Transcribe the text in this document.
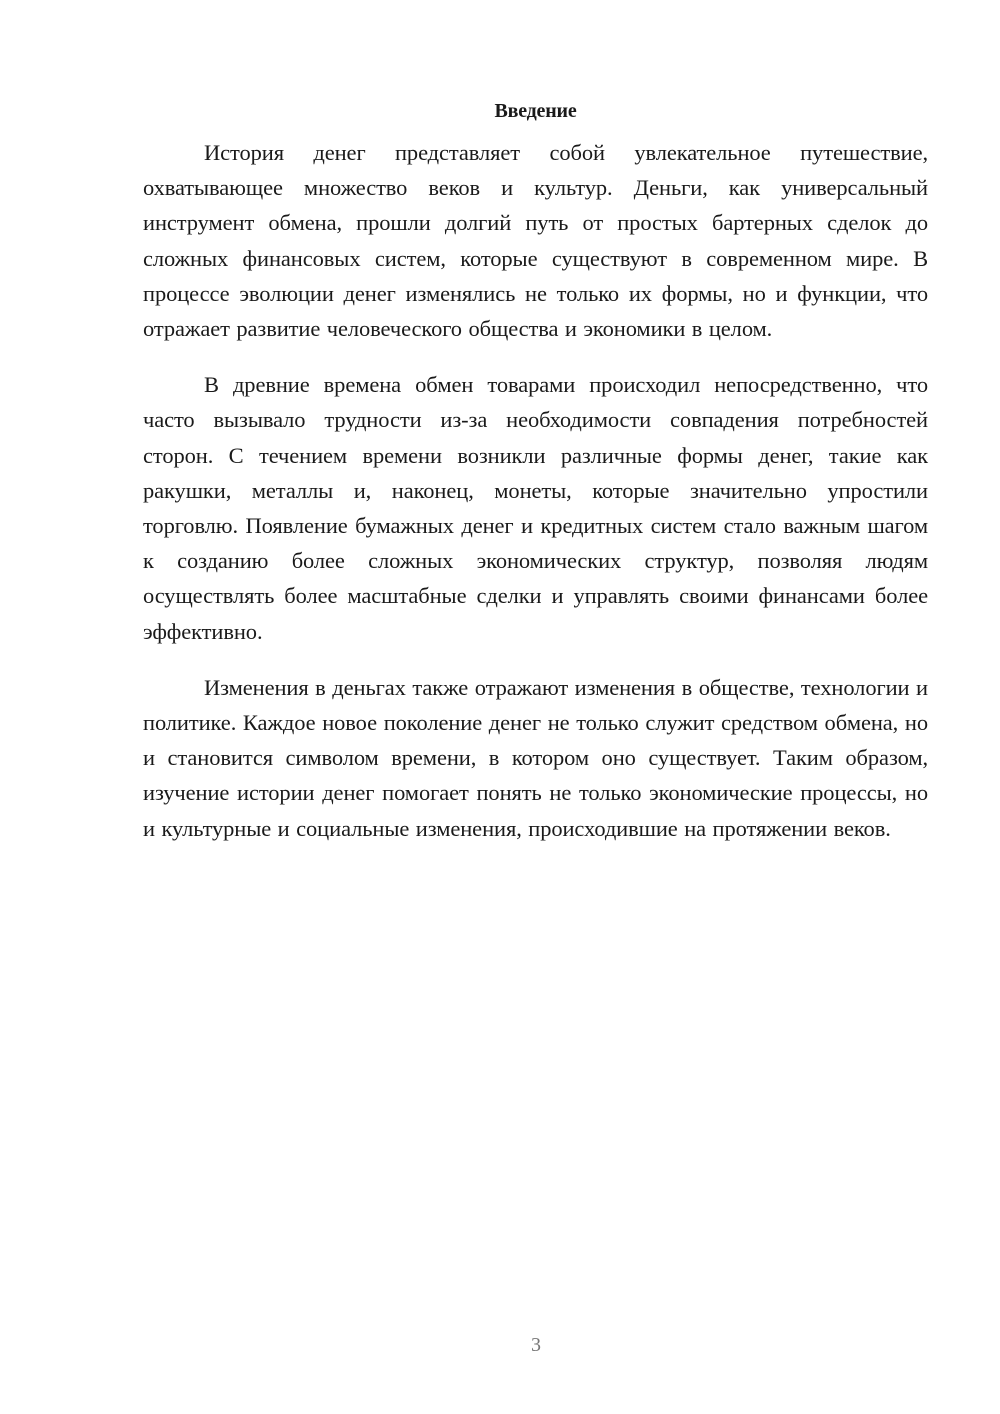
Введение

История денег представляет собой увлекательное путешествие, охватывающее множество веков и культур. Деньги, как универсальный инструмент обмена, прошли долгий путь от простых бартерных сделок до сложных финансовых систем, которые существуют в современном мире. В процессе эволюции денег изменялись не только их формы, но и функции, что отражает развитие человеческого общества и экономики в целом.

В древние времена обмен товарами происходил непосредственно, что часто вызывало трудности из-за необходимости совпадения потребностей сторон. С течением времени возникли различные формы денег, такие как ракушки, металлы и, наконец, монеты, которые значительно упростили торговлю. Появление бумажных денег и кредитных систем стало важным шагом к созданию более сложных экономических структур, позволяя людям осуществлять более масштабные сделки и управлять своими финансами более эффективно.

Изменения в деньгах также отражают изменения в обществе, технологии и политике. Каждое новое поколение денег не только служит средством обмена, но и становится символом времени, в котором оно существует. Таким образом, изучение истории денег помогает понять не только экономические процессы, но и культурные и социальные изменения, происходившие на протяжении веков.

3
